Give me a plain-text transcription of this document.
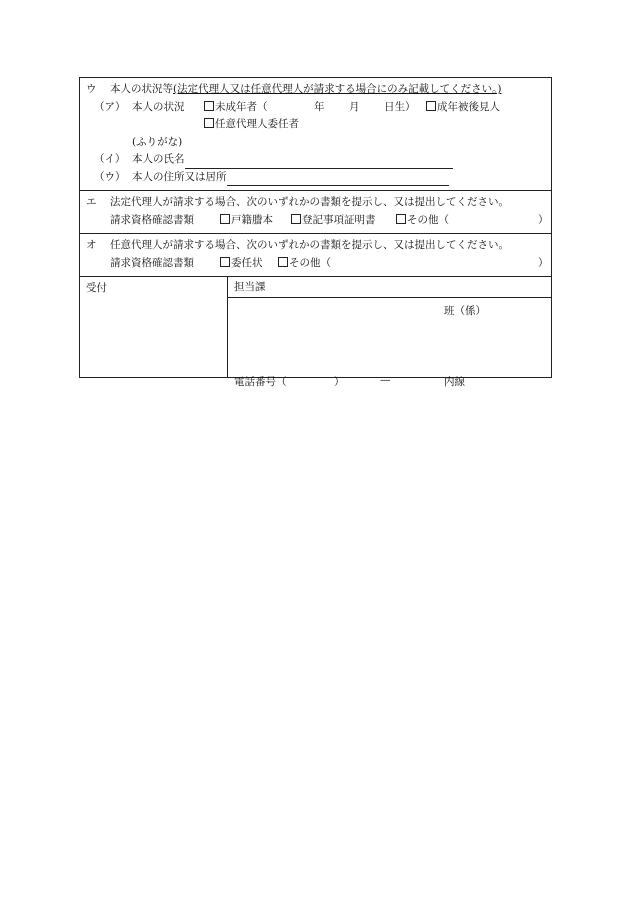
ウ 本人の状況等(法定代理人又は任意代理人が請求する場合にのみ記載してください。)
（ア） 本人の状況	未成年者（	年 月 日生）	成年被後見人
任意代理人委任者
(ふりがな)
（イ） 本人の氏名
（ウ） 本人の住所又は居所
エ 法定代理人が請求する場合、次のいずれかの書類を提示し、又は提出してください。
請求資格確認書類	戸籍謄本	登記事項証明書	その他（	）
オ 任意代理人が請求する場合、次のいずれかの書類を提示し、又は提出してください。
請求資格確認書類	委任状	その他（	）
受付	担当課
班（係）
電話番号（	）	—	内線
